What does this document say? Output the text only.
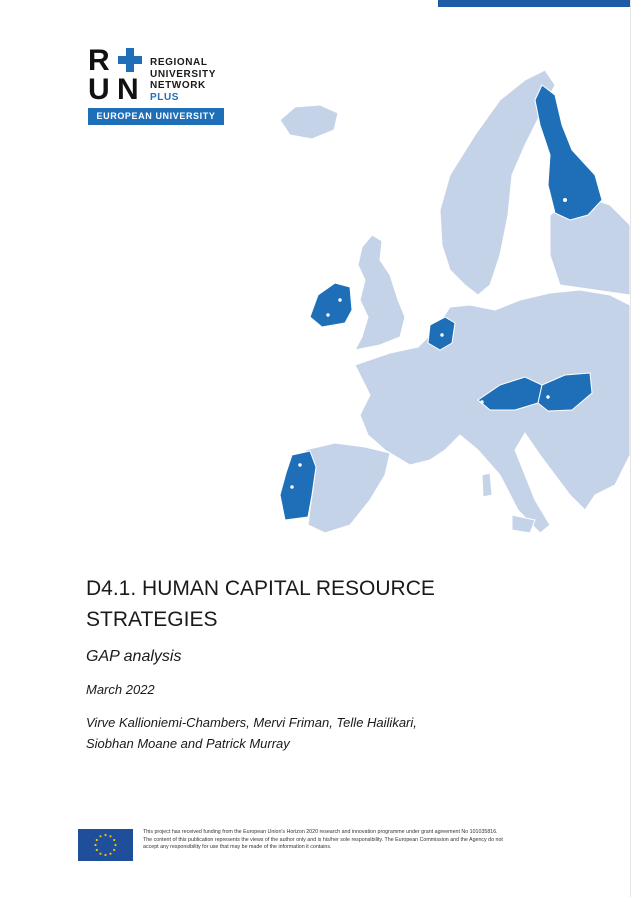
R
U N
REGIONAL
UNIVERSITY
NETWORK
PLUS
EUROPEAN UNIVERSITY
D4.1. HUMAN CAPITAL RESOURCE
STRATEGIES
GAP analysis
March 2022
Virve Kallioniemi-Chambers, Mervi Friman, Telle Hailikari,
Siobhan Moane and Patrick Murray
This project has received funding from the European Union's Horizon 2020 research and innovation programme under grant agreement No 101035816.
The content of this publication represents the views of the author only and is his/her sole responsibility. The European Commission and the Agency do not
accept any responsibility for use that may be made of the information it contains.
